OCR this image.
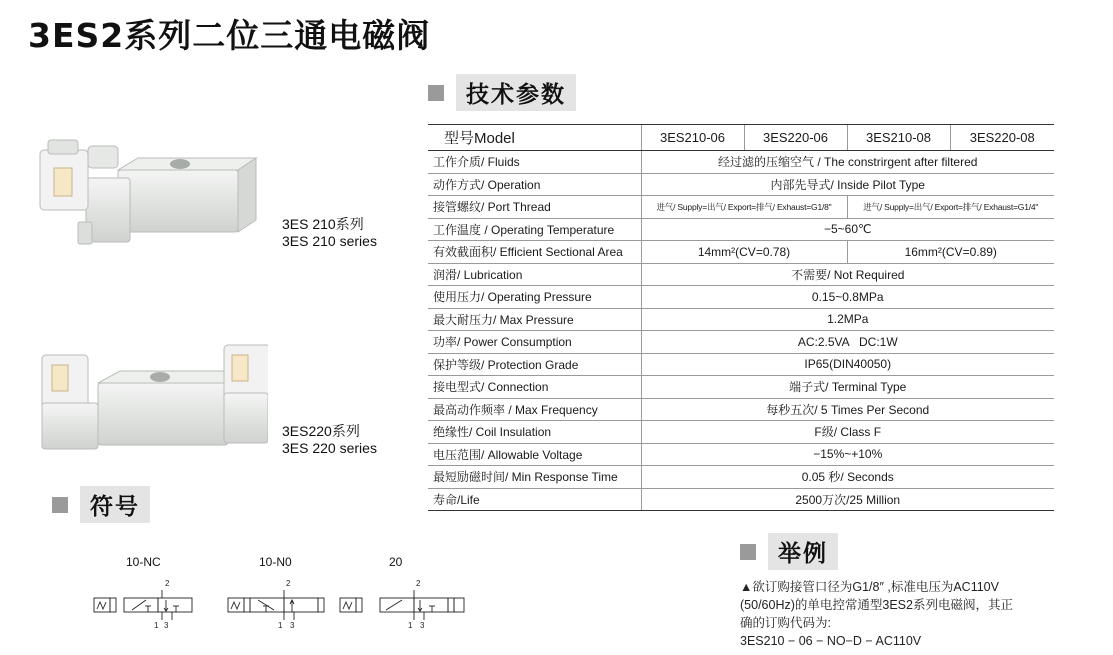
3ES2系列二位三通电磁阀
3ES 210系列
3ES 210 series
3ES220系列
3ES 220 series
技术参数
型号Model	3ES210-06	3ES220-06	3ES210-08	3ES220-08
工作介质/ Fluids	经过滤的压缩空气 / The constrirgent after filtered			
动作方式/ Operation	内部先导式/ Inside Pilot Type			
接管螺纹/ Port Thread	进气/ Supply=出气/ Export=排气/ Exhaust=G1/8"		进气/ Supply=出气/ Export=排气/ Exhaust=G1/4"	
工作温度 / Operating Temperature	−5~60℃			
有效截面积/ Efficient Sectional Area	14mm²(CV=0.78)		16mm²(CV=0.89)	
润滑/ Lubrication	不需要/ Not Required			
使用压力/ Operating Pressure	0.15~0.8MPa			
最大耐压力/ Max Pressure	1.2MPa			
功率/ Power Consumption	AC:2.5VA   DC:1W			
保护等级/ Protection Grade	IP65(DIN40050)			
接电型式/ Connection	端子式/ Terminal Type			
最高动作频率 / Max Frequency	每秒五次/ 5 Times Per Second			
绝缘性/ Coil Insulation	F级/ Class F			
电压范围/ Allowable Voltage	−15%~+10%			
最短励磁时间/ Min Response Time	0.05 秒/ Seconds			
寿命/Life	2500万次/25 Million			
符号
10-NC	10-N0	20
2
1 3
2
1 3
2
1 3
举例
▲欲订购接管口径为G1/8″ ,标准电压为AC110V
(50/60Hz)的单电控常通型3ES2系列电磁阀，其正
确的订购代码为:
3ES210 − 06 − NO−D − AC110V
